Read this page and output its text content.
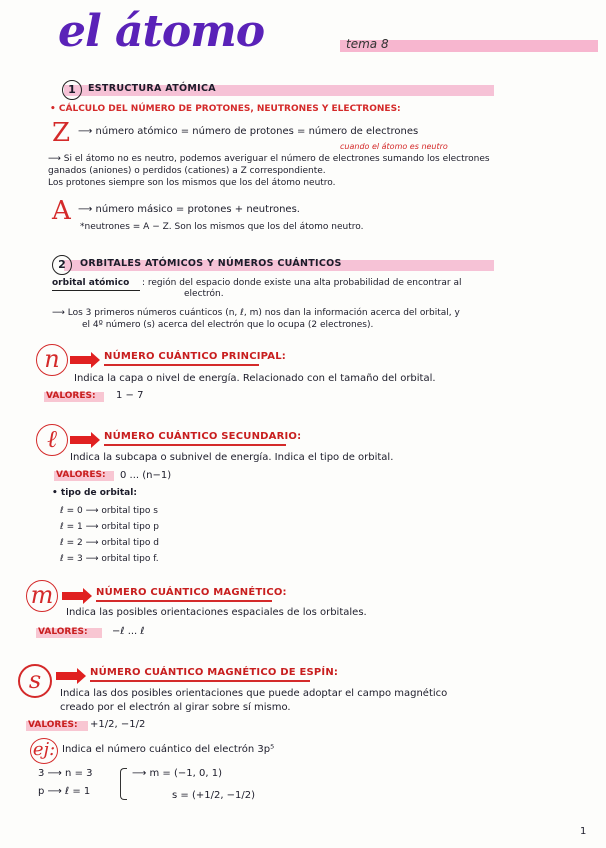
el átomo	tema 8
1	ESTRUCTURA ATÓMICA
• CÁLCULO DEL NÚMERO DE PROTONES, NEUTRONES Y ELECTRONES:
Z ⟶ número atómico = número de protones = número de electrones
cuando el átomo es neutro
⟶ Si el átomo no es neutro, podemos averiguar el número de electrones sumando los electrones
ganados (aniones) o perdidos (cationes) a Z correspondiente.
Los protones siempre son los mismos que los del átomo neutro.
A ⟶ número másico = protones + neutrones.
*neutrones = A − Z. Son los mismos que los del átomo neutro.
2	ORBITALES ATÓMICOS Y NÚMEROS CUÁNTICOS
orbital atómico : región del espacio donde existe una alta probabilidad de encontrar al
electrón.
⟶ Los 3 primeros números cuánticos (n, ℓ, m) nos dan la información acerca del orbital, y
el 4º número (s) acerca del electrón que lo ocupa (2 electrones).
n	NÚMERO CUÁNTICO PRINCIPAL:
Indica la capa o nivel de energía. Relacionado con el tamaño del orbital.
VALORES: 1 − 7
ℓ	NÚMERO CUÁNTICO SECUNDARIO:
Indica la subcapa o subnivel de energía. Indica el tipo de orbital.
VALORES: 0 ... (n−1)
• tipo de orbital:
ℓ = 0 ⟶ orbital tipo s
ℓ = 1 ⟶ orbital tipo p
ℓ = 2 ⟶ orbital tipo d
ℓ = 3 ⟶ orbital tipo f.
m	NÚMERO CUÁNTICO MAGNÉTICO:
Indica las posibles orientaciones espaciales de los orbitales.
VALORES: −ℓ ... ℓ
s	NÚMERO CUÁNTICO MAGNÉTICO DE ESPÍN:
Indica las dos posibles orientaciones que puede adoptar el campo magnético
creado por el electrón al girar sobre sí mismo.
VALORES: +1/2, −1/2
ej: Indica el número cuántico del electrón 3p⁵
3 ⟶ n = 3
p ⟶ ℓ = 1
⟶ m = (−1, 0, 1)
s = (+1/2, −1/2)
1
